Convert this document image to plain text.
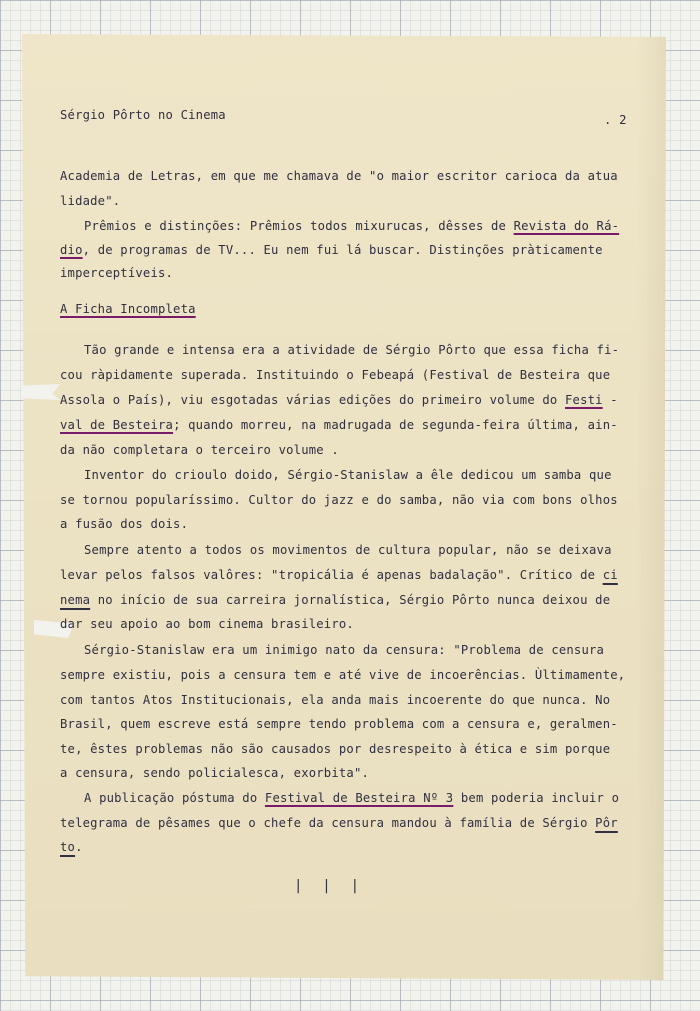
Sérgio Pôrto no Cinema	. 2
Academia de Letras, em que me chamava de "o maior escritor carioca da atua
lidade".
Prêmios e distinções: Prêmios todos mixurucas, dêsses de Revista do Rá-
dio, de programas de TV... Eu nem fui lá buscar. Distinções pràticamente
imperceptíveis.
A Ficha Incompleta
Tão grande e intensa era a atividade de Sérgio Pôrto que essa ficha fi-
cou ràpidamente superada. Instituindo o Febeapá (Festival de Besteira que
Assola o País), viu esgotadas várias edições do primeiro volume do Festi -
val de Besteira; quando morreu, na madrugada de segunda-feira última, ain-
da não completara o terceiro volume .
Inventor do crioulo doido, Sérgio-Stanislaw a êle dedicou um samba que
se tornou popularíssimo. Cultor do jazz e do samba, não via com bons olhos
a fusão dos dois.
Sempre atento a todos os movimentos de cultura popular, não se deixava
levar pelos falsos valôres: "tropicália é apenas badalação". Crítico de ci
nema no início de sua carreira jornalística, Sérgio Pôrto nunca deixou de
dar seu apoio ao bom cinema brasileiro.
Sérgio-Stanislaw era um inimigo nato da censura: "Problema de censura
sempre existiu, pois a censura tem e até vive de incoerências. Ùltimamente,
com tantos Atos Institucionais, ela anda mais incoerente do que nunca. No
Brasil, quem escreve está sempre tendo problema com a censura e, geralmen-
te, êstes problemas não são causados por desrespeito à ética e sim porque
a censura, sendo policialesca, exorbita".
A publicação póstuma do Festival de Besteira Nº 3 bem poderia incluir o
telegrama de pêsames que o chefe da censura mandou à família de Sérgio Pôr
to.
|  |  |
